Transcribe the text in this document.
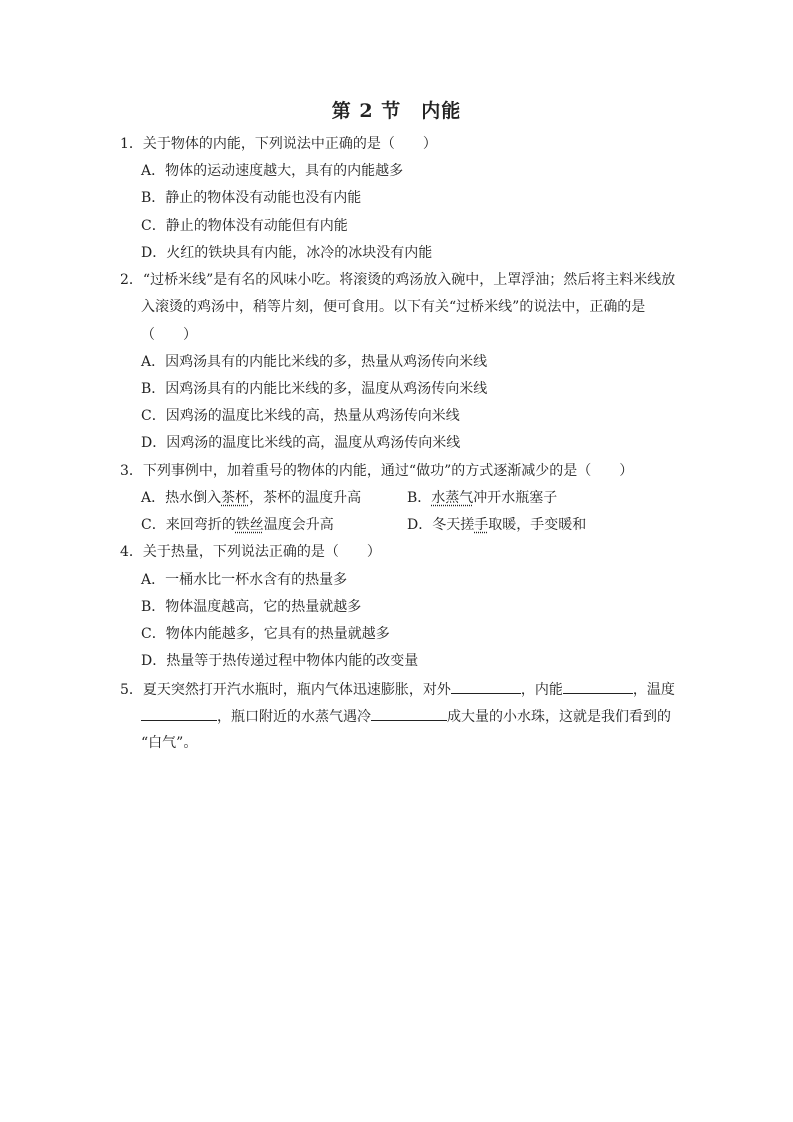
第 2 节　内能
1．关于物体的内能，下列说法中正确的是（　　）
A．物体的运动速度越大，具有的内能越多
B．静止的物体没有动能也没有内能
C．静止的物体没有动能但有内能
D．火红的铁块具有内能，冰冷的冰块没有内能
2．“过桥米线”是有名的风味小吃。将滚烫的鸡汤放入碗中，上罩浮油；然后将主料米线放
入滚烫的鸡汤中，稍等片刻，便可食用。以下有关“过桥米线”的说法中，正确的是
（　　）
A．因鸡汤具有的内能比米线的多，热量从鸡汤传向米线
B．因鸡汤具有的内能比米线的多，温度从鸡汤传向米线
C．因鸡汤的温度比米线的高，热量从鸡汤传向米线
D．因鸡汤的温度比米线的高，温度从鸡汤传向米线
3．下列事例中，加着重号的物体的内能，通过“做功”的方式逐渐减少的是（　　）
A．热水倒入茶杯，茶杯的温度升高	B．水蒸气冲开水瓶塞子
C．来回弯折的铁丝温度会升高	D．冬天搓手取暖，手变暖和
4．关于热量，下列说法正确的是（　　）
A．一桶水比一杯水含有的热量多
B．物体温度越高，它的热量就越多
C．物体内能越多，它具有的热量就越多
D．热量等于热传递过程中物体内能的改变量
5．夏天突然打开汽水瓶时，瓶内气体迅速膨胀，对外	，内能	，温度
，瓶口附近的水蒸气遇冷	成大量的小水珠，这就是我们看到的
“白气”。
